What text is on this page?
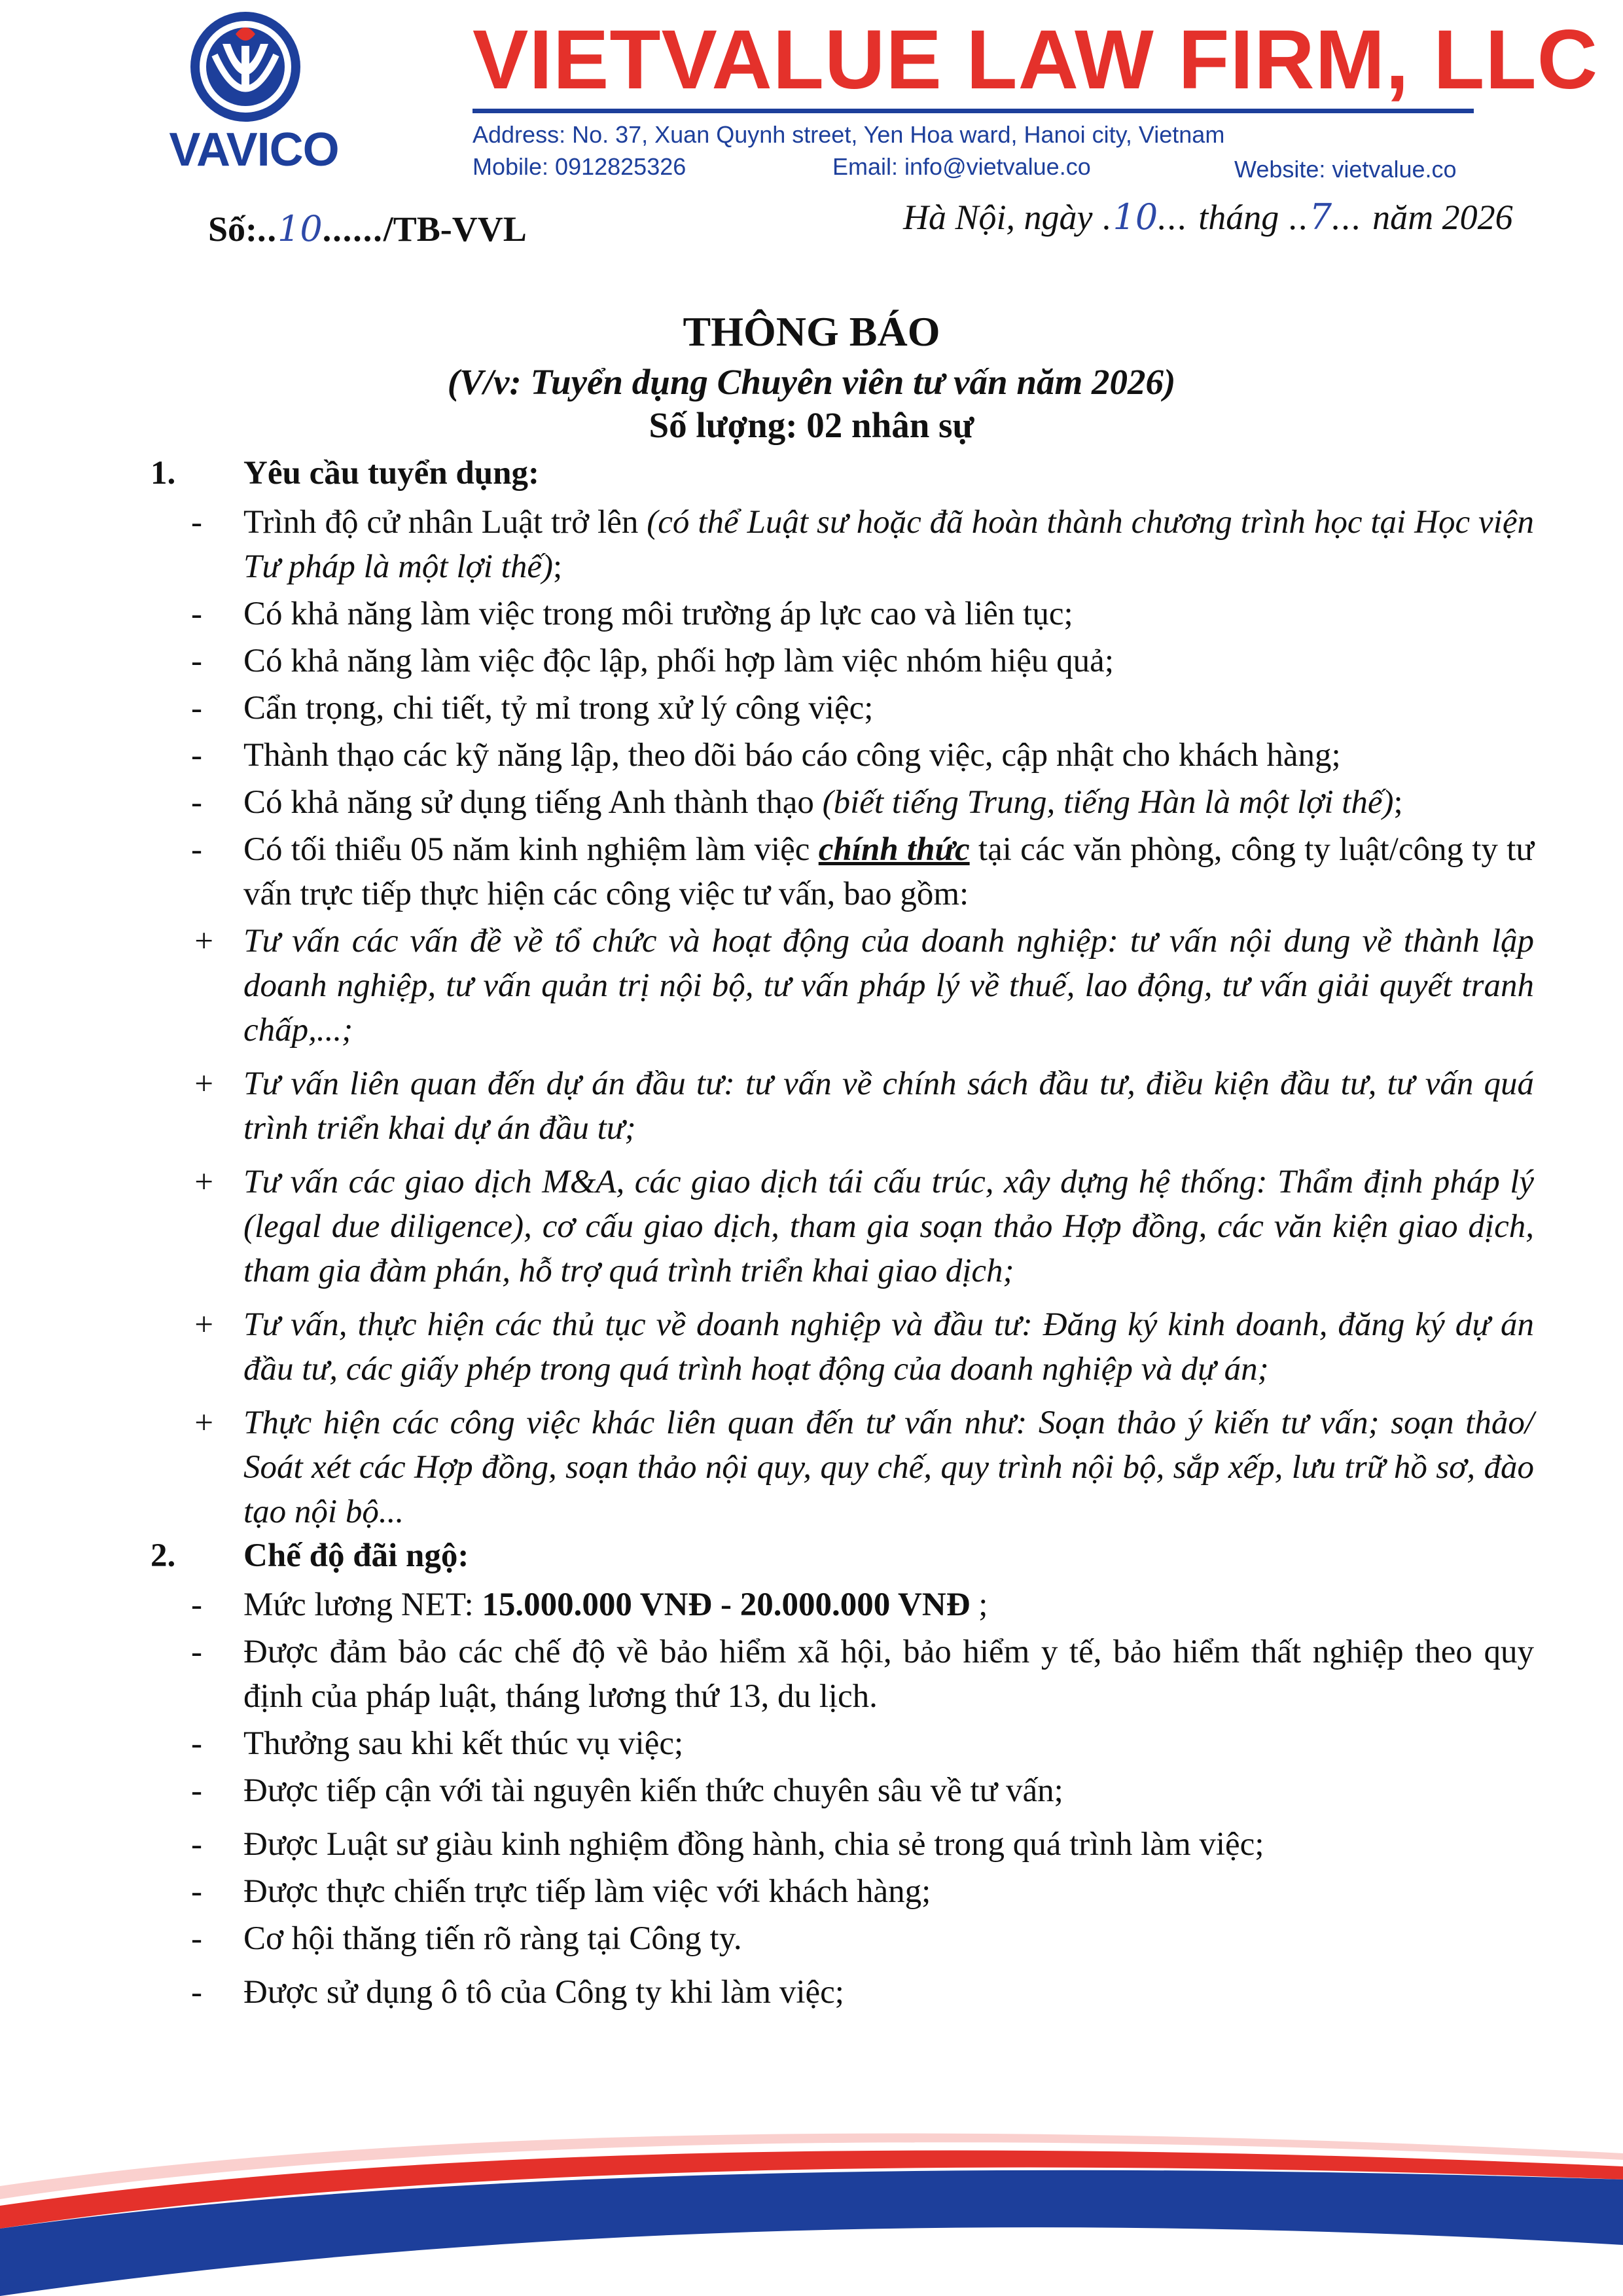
VAVICO
VIETVALUE LAW FIRM, LLC
Address: No. 37, Xuan Quynh street, Yen Hoa ward, Hanoi city, Vietnam
Mobile: 0912825326	Email: info@vietvalue.co	Website: vietvalue.co
Số:..10....../TB-VVL	Hà Nội, ngày .10... tháng ..7... năm 2026
THÔNG BÁO
(V/v: Tuyển dụng Chuyên viên tư vấn năm 2026)
Số lượng: 02 nhân sự
1. Yêu cầu tuyển dụng:
- Trình độ cử nhân Luật trở lên (có thể Luật sư hoặc đã hoàn thành chương trình học tại Học viện Tư pháp là một lợi thế);
- Có khả năng làm việc trong môi trường áp lực cao và liên tục;
- Có khả năng làm việc độc lập, phối hợp làm việc nhóm hiệu quả;
- Cẩn trọng, chi tiết, tỷ mỉ trong xử lý công việc;
- Thành thạo các kỹ năng lập, theo dõi báo cáo công việc, cập nhật cho khách hàng;
- Có khả năng sử dụng tiếng Anh thành thạo (biết tiếng Trung, tiếng Hàn là một lợi thế);
- Có tối thiểu 05 năm kinh nghiệm làm việc chính thức tại các văn phòng, công ty luật/công ty tư vấn trực tiếp thực hiện các công việc tư vấn, bao gồm:
+ Tư vấn các vấn đề về tổ chức và hoạt động của doanh nghiệp: tư vấn nội dung về thành lập doanh nghiệp, tư vấn quản trị nội bộ, tư vấn pháp lý về thuế, lao động, tư vấn giải quyết tranh chấp,...;
+ Tư vấn liên quan đến dự án đầu tư: tư vấn về chính sách đầu tư, điều kiện đầu tư, tư vấn quá trình triển khai dự án đầu tư;
+ Tư vấn các giao dịch M&A, các giao dịch tái cấu trúc, xây dựng hệ thống: Thẩm định pháp lý (legal due diligence), cơ cấu giao dịch, tham gia soạn thảo Hợp đồng, các văn kiện giao dịch, tham gia đàm phán, hỗ trợ quá trình triển khai giao dịch;
+ Tư vấn, thực hiện các thủ tục về doanh nghiệp và đầu tư: Đăng ký kinh doanh, đăng ký dự án đầu tư, các giấy phép trong quá trình hoạt động của doanh nghiệp và dự án;
+ Thực hiện các công việc khác liên quan đến tư vấn như: Soạn thảo ý kiến tư vấn; soạn thảo/ Soát xét các Hợp đồng, soạn thảo nội quy, quy chế, quy trình nội bộ, sắp xếp, lưu trữ hồ sơ, đào tạo nội bộ...
2. Chế độ đãi ngộ:
- Mức lương NET: 15.000.000 VNĐ - 20.000.000 VNĐ ;
- Được đảm bảo các chế độ về bảo hiểm xã hội, bảo hiểm y tế, bảo hiểm thất nghiệp theo quy định của pháp luật, tháng lương thứ 13, du lịch.
- Thưởng sau khi kết thúc vụ việc;
- Được tiếp cận với tài nguyên kiến thức chuyên sâu về tư vấn;
- Được Luật sư giàu kinh nghiệm đồng hành, chia sẻ trong quá trình làm việc;
- Được thực chiến trực tiếp làm việc với khách hàng;
- Cơ hội thăng tiến rõ ràng tại Công ty.
- Được sử dụng ô tô của Công ty khi làm việc;
